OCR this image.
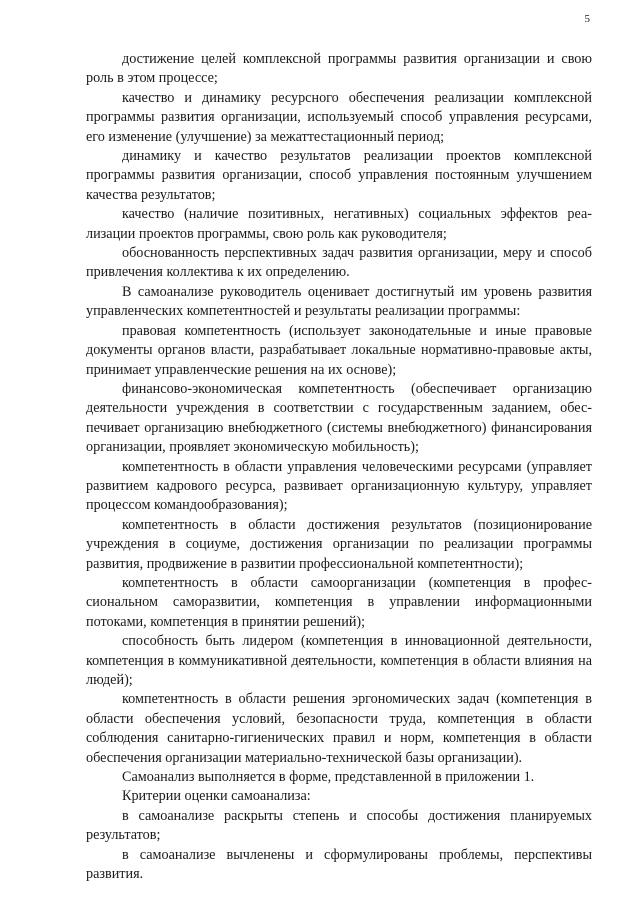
5

достижение целей комплексной программы развития организации и свою роль в этом процессе;

качество и динамику ресурсного обеспечения реализации комплексной программы развития организации, используемый способ управления ресурсами, его изменение (улучшение) за межаттестационный период;

динамику и качество результатов реализации проектов комплексной программы развития организации, способ управления постоянным улучшением качества результатов;

качество (наличие позитивных, негативных) социальных эффектов реализации проектов программы, свою роль как руководителя;

обоснованность перспективных задач развития организации, меру и способ привлечения коллектива к их определению.

В самоанализе руководитель оценивает достигнутый им уровень развития управленческих компетентностей и результаты реализации программы:

правовая компетентность (использует законодательные и иные правовые документы органов власти, разрабатывает локальные нормативно-правовые акты, принимает управленческие решения на их основе);

финансово-экономическая компетентность (обеспечивает организацию деятельности учреждения в соответствии с государственным заданием, обеспечивает организацию внебюджетного (системы внебюджетного) финансирования организации, проявляет экономическую мобильность);

компетентность в области управления человеческими ресурсами (управляет развитием кадрового ресурса, развивает организационную культуру, управляет процессом командообразования);

компетентность в области достижения результатов (позиционирование учреждения в социуме, достижения организации по реализации программы развития, продвижение в развитии профессиональной компетентности);

компетентность в области самоорганизации (компетенция в профессиональном саморазвитии, компетенция в управлении информационными потоками, компетенция в принятии решений);

способность быть лидером (компетенция в инновационной деятельности, компетенция в коммуникативной деятельности, компетенция в области влияния на людей);

компетентность в области решения эргономических задач (компетенция в области обеспечения условий, безопасности труда, компетенция в области соблюдения санитарно-гигиенических правил и норм, компетенция в области обеспечения организации материально-технической базы организации).

Самоанализ выполняется в форме, представленной в приложении 1.

Критерии оценки самоанализа:

в самоанализе раскрыты степень и способы достижения планируемых результатов;

в самоанализе вычленены и сформулированы проблемы, перспективы развития.
